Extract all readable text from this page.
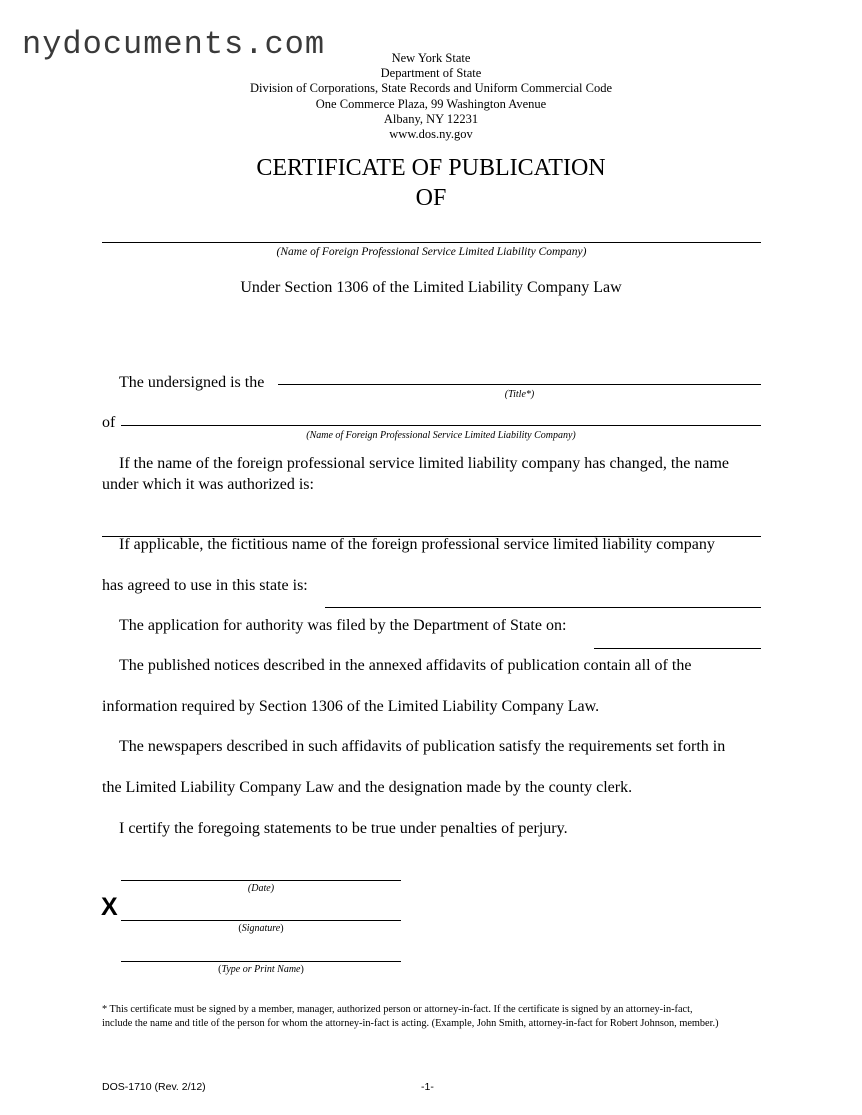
nydocuments.com	New York State
Department of State
Division of Corporations, State Records and Uniform Commercial Code
One Commerce Plaza, 99 Washington Avenue
Albany, NY 12231
www.dos.ny.gov
CERTIFICATE OF PUBLICATION
OF
(Name of Foreign Professional Service Limited Liability Company)
Under Section 1306 of the Limited Liability Company Law
The undersigned is the
(Title*)
of
(Name of Foreign Professional Service Limited Liability Company)
If the name of the foreign professional service limited liability company has changed, the name
under which it was authorized is:
If applicable, the fictitious name of the foreign professional service limited liability company
has agreed to use in this state is:
The application for authority was filed by the Department of State on:
The published notices described in the annexed affidavits of publication contain all of the
information required by Section 1306 of the Limited Liability Company Law.
The newspapers described in such affidavits of publication satisfy the requirements set forth in
the Limited Liability Company Law and the designation made by the county clerk.
I certify the foregoing statements to be true under penalties of perjury.
(Date)
X
(Signature)
(Type or Print Name)
* This certificate must be signed by a member, manager, authorized person or attorney-in-fact. If the certificate is signed by an attorney-in-fact,
include the name and title of the person for whom the attorney-in-fact is acting. (Example, John Smith, attorney-in-fact for Robert Johnson, member.)
DOS-1710 (Rev. 2/12)	-1-
